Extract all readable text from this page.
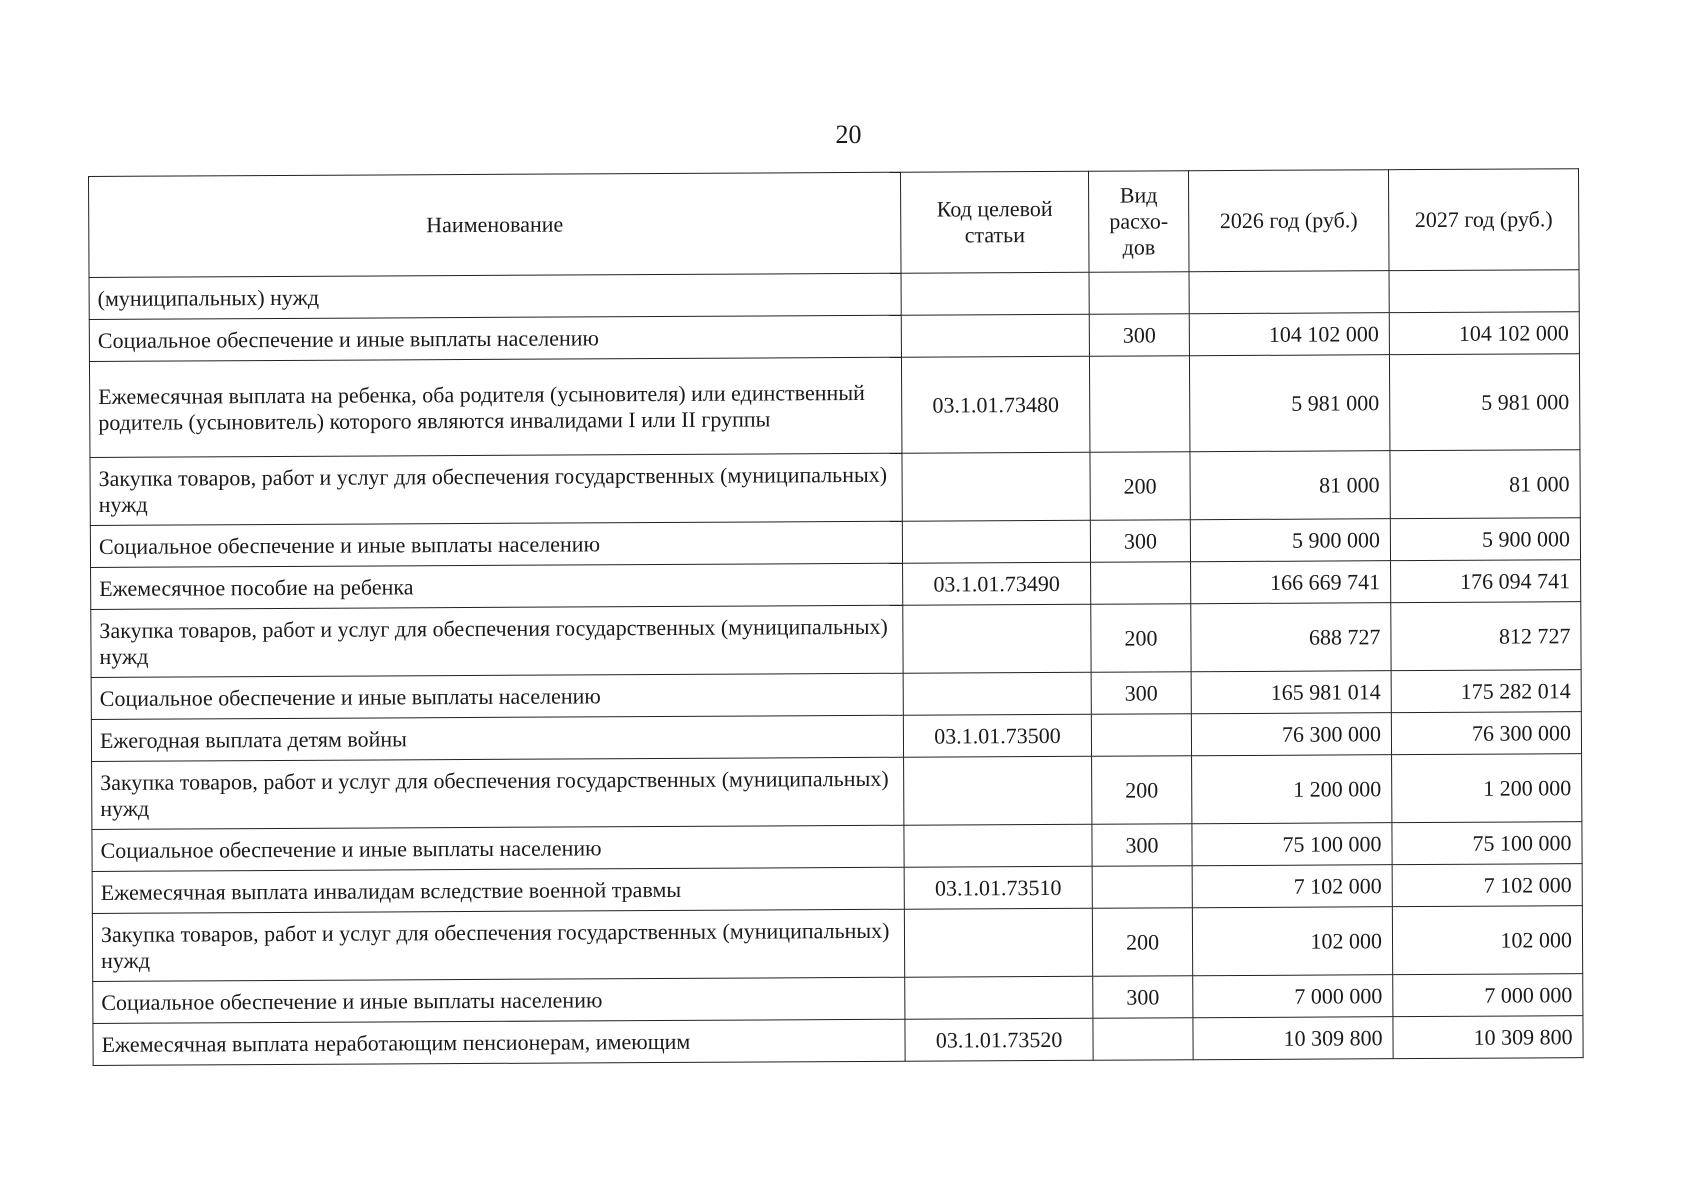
20
Наименование	Код целевой статьи	Вид расхо-дов	2026 год (руб.)	2027 год (руб.)
(муниципальных) нужд				
Социальное обеспечение и иные выплаты населению		300	104 102 000	104 102 000
Ежемесячная выплата на ребенка, оба родителя (усыновителя) или единственный родитель (усыновитель) которого являются инвалидами I или II группы	03.1.01.73480		5 981 000	5 981 000
Закупка товаров, работ и услуг для обеспечения государственных (муниципальных) нужд		200	81 000	81 000
Социальное обеспечение и иные выплаты населению		300	5 900 000	5 900 000
Ежемесячное пособие на ребенка	03.1.01.73490		166 669 741	176 094 741
Закупка товаров, работ и услуг для обеспечения государственных (муниципальных) нужд		200	688 727	812 727
Социальное обеспечение и иные выплаты населению		300	165 981 014	175 282 014
Ежегодная выплата детям войны	03.1.01.73500		76 300 000	76 300 000
Закупка товаров, работ и услуг для обеспечения государственных (муниципальных) нужд		200	1 200 000	1 200 000
Социальное обеспечение и иные выплаты населению		300	75 100 000	75 100 000
Ежемесячная выплата инвалидам вследствие военной травмы	03.1.01.73510		7 102 000	7 102 000
Закупка товаров, работ и услуг для обеспечения государственных (муниципальных) нужд		200	102 000	102 000
Социальное обеспечение и иные выплаты населению		300	7 000 000	7 000 000
Ежемесячная выплата неработающим пенсионерам, имеющим	03.1.01.73520		10 309 800	10 309 800
